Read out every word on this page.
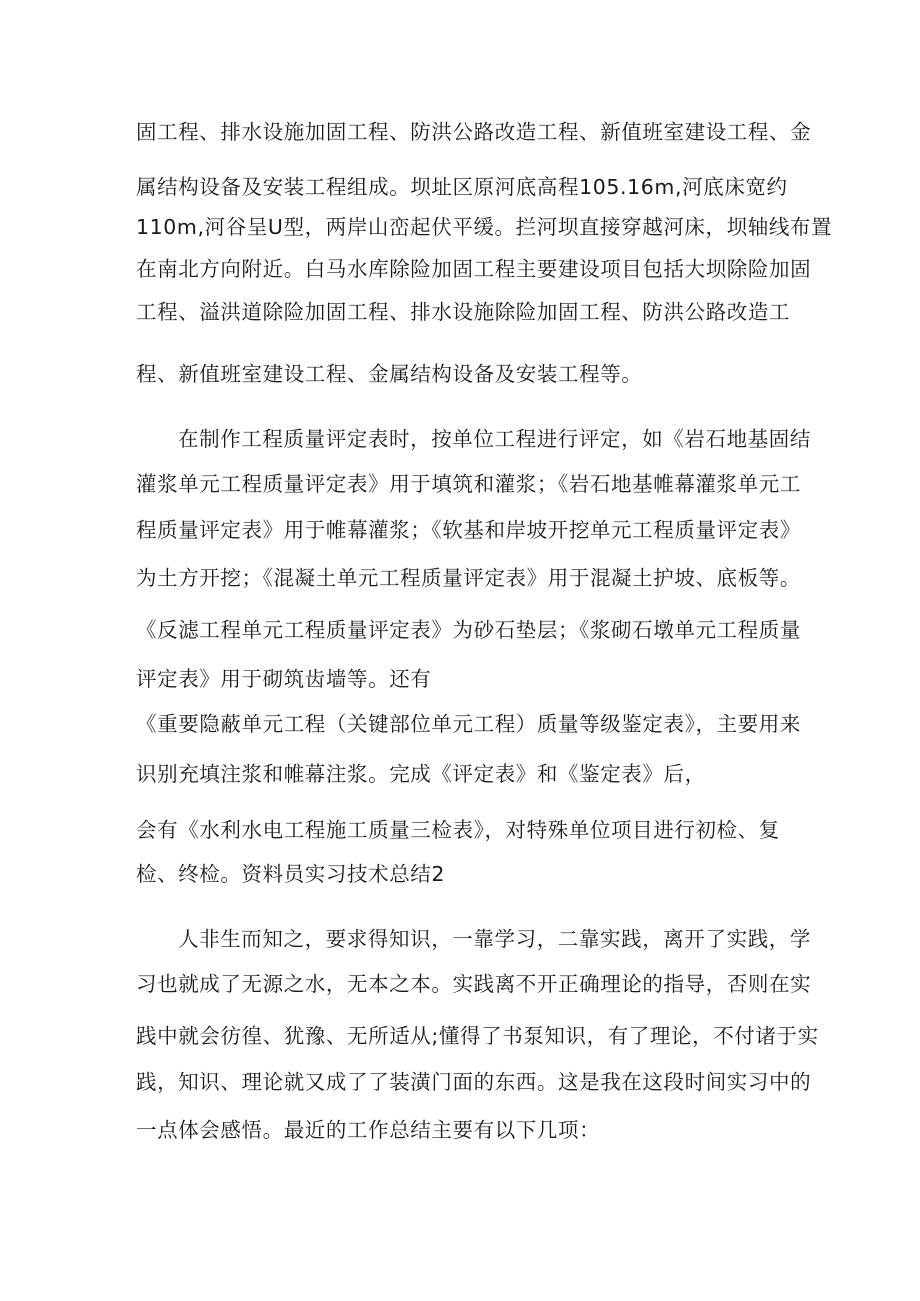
固工程、排水设施加固工程、防洪公路改造工程、新值班室建设工程、金
属结构设备及安装工程组成。坝址区原河底高程105.16m,河底床宽约
110m,河谷呈U型，两岸山峦起伏平缓。拦河坝直接穿越河床，坝轴线布置
在南北方向附近。白马水库除险加固工程主要建设项目包括大坝除险加固
工程、溢洪道除险加固工程、排水设施除险加固工程、防洪公路改造工
程、新值班室建设工程、金属结构设备及安装工程等。
在制作工程质量评定表时，按单位工程进行评定，如《岩石地基固结
灌浆单元工程质量评定表》用于填筑和灌浆；《岩石地基帷幕灌浆单元工
程质量评定表》用于帷幕灌浆；《软基和岸坡开挖单元工程质量评定表》
为土方开挖；《混凝土单元工程质量评定表》用于混凝土护坡、底板等。
《反滤工程单元工程质量评定表》为砂石垫层；《浆砌石墩单元工程质量
评定表》用于砌筑齿墙等。还有
《重要隐蔽单元工程（关键部位单元工程）质量等级鉴定表》，主要用来
识别充填注浆和帷幕注浆。完成《评定表》和《鉴定表》后，
会有《水利水电工程施工质量三检表》，对特殊单位项目进行初检、复
检、终检。资料员实习技术总结2
人非生而知之，要求得知识，一靠学习，二靠实践，离开了实践，学
习也就成了无源之水，无本之本。实践离不开正确理论的指导，否则在实
践中就会彷徨、犹豫、无所适从;懂得了书泵知识，有了理论，不付诸于实
践，知识、理论就又成了了装潢门面的东西。这是我在这段时间实习中的
一点体会感悟。最近的工作总结主要有以下几项：
